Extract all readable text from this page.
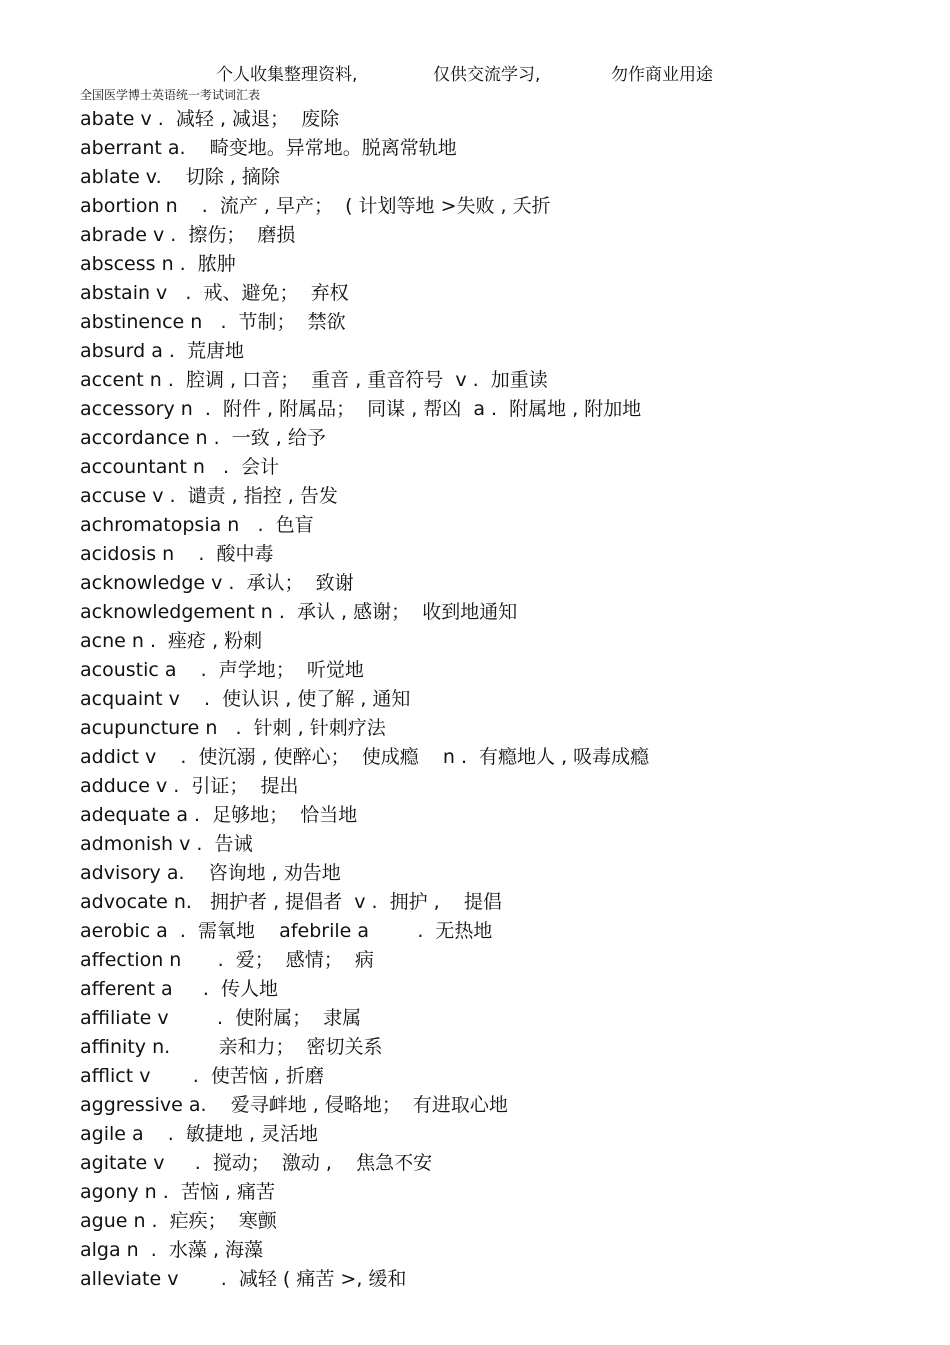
个人收集整理资料,	仅供交流学习,	勿作商业用途
全国医学博士英语统一考试词汇表
abate v .  减轻 , 减退；  废除
aberrant a.    畸变地。异常地。脱离常轨地
ablate v.    切除 , 摘除
abortion n    .  流产 , 早产；  ( 计划等地 >失败 , 夭折
abrade v .  擦伤；  磨损
abscess n .  脓肿
abstain v   .  戒、避免；  弃权
abstinence n   .  节制；  禁欲
absurd a .  荒唐地
accent n .  腔调 , 口音；  重音 , 重音符号  v .  加重读
accessory n  .  附件 , 附属品；  同谋 , 帮凶  a .  附属地 , 附加地
accordance n .  一致 , 给予
accountant n   .  会计
accuse v .  谴责 , 指控 , 告发
achromatopsia n   .  色盲
acidosis n    .  酸中毒
acknowledge v .  承认；  致谢
acknowledgement n .  承认 , 感谢；  收到地通知
acne n .  痤疮 , 粉刺
acoustic a    .  声学地；  听觉地
acquaint v    .  使认识 , 使了解 , 通知
acupuncture n   .  针刺 , 针刺疗法
addict v    .  使沉溺 , 使醉心；  使成瘾    n .  有瘾地人 , 吸毒成瘾
adduce v .  引证；  提出
adequate a .  足够地；  恰当地
admonish v .  告诫
advisory a.    咨询地 , 劝告地
advocate n.   拥护者 , 提倡者  v .  拥护 ,    提倡
aerobic a  .  需氧地    afebrile a        .  无热地
affection n      .  爱；  感情；  病
afferent a     .  传人地
affiliate v        .  使附属；  隶属
affinity n.        亲和力；  密切关系
afflict v       .  使苦恼 , 折磨
aggressive a.    爱寻衅地 , 侵略地；  有进取心地
agile a    .  敏捷地 , 灵活地
agitate v     .  搅动；  激动 ,    焦急不安
agony n .  苦恼 , 痛苦
ague n .  疟疾；  寒颤
alga n  .  水藻 , 海藻
alleviate v       .  减轻 ( 痛苦 >, 缓和
